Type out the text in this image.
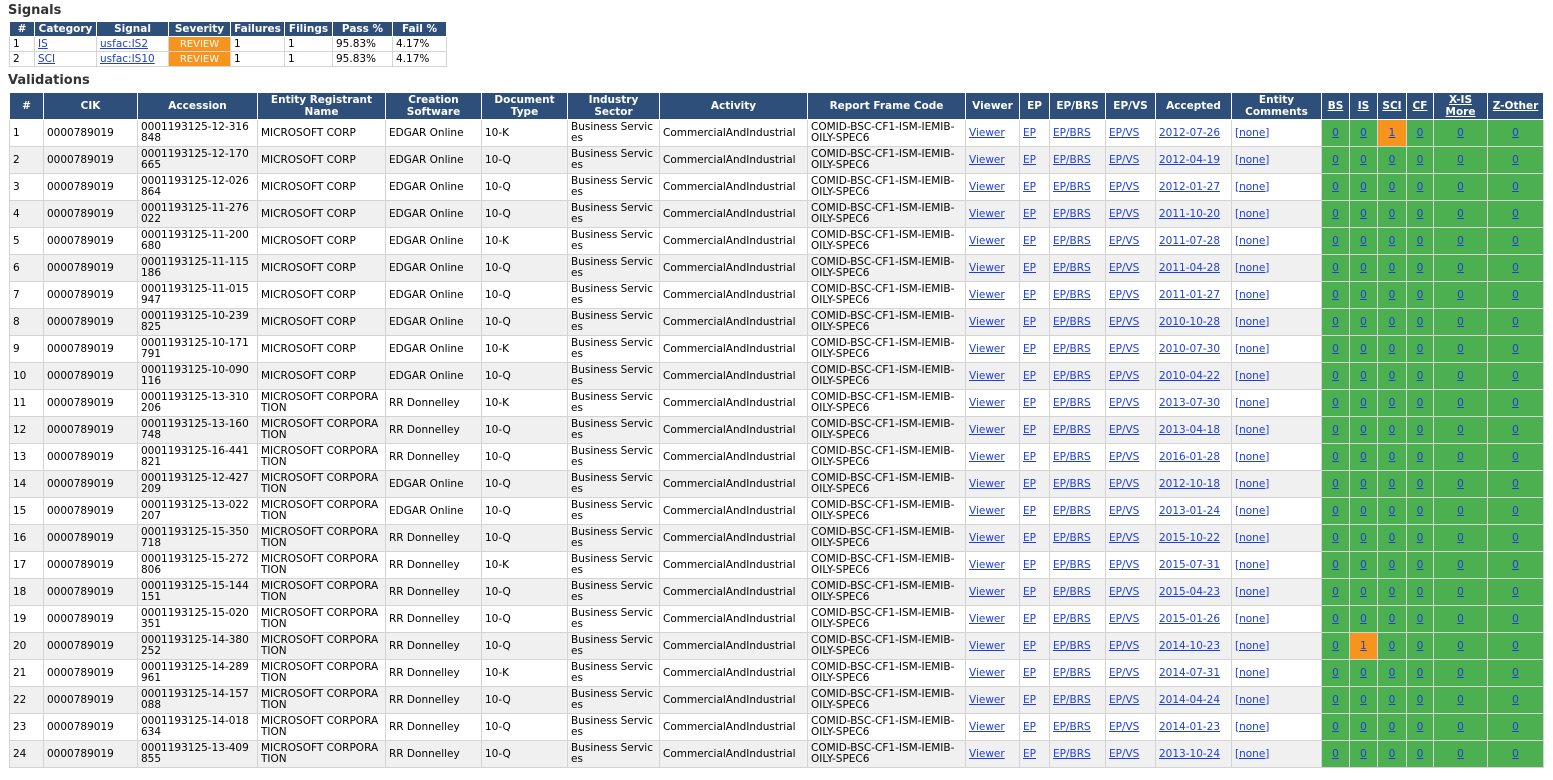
Signals
#	Category	Signal	Severity	Failures	Filings	Pass %	Fail %
1	IS	usfac:IS2	REVIEW	1	1	95.83%	4.17%
2	SCI	usfac:IS10	REVIEW	1	1	95.83%	4.17%
Validations
#	CIK	Accession	Entity Registrant Name	Creation Software	Document Type	Industry Sector	Activity	Report Frame Code	Viewer	EP	EP/BRS	EP/VS	Accepted	Entity Comments	BS	IS	SCI	CF	X-IS More	Z-Other
1	0000789019	0001193125-12-316848	MICROSOFT CORP	EDGAR Online	10-K	Business Services	CommercialAndIndustrial	COMID-BSC-CF1-ISM-IEMIB-OILY-SPEC6	Viewer	EP	EP/BRS	EP/VS	2012-07-26	[none]	0	0	1	0	0	0
2	0000789019	0001193125-12-170665	MICROSOFT CORP	EDGAR Online	10-Q	Business Services	CommercialAndIndustrial	COMID-BSC-CF1-ISM-IEMIB-OILY-SPEC6	Viewer	EP	EP/BRS	EP/VS	2012-04-19	[none]	0	0	0	0	0	0
3	0000789019	0001193125-12-026864	MICROSOFT CORP	EDGAR Online	10-Q	Business Services	CommercialAndIndustrial	COMID-BSC-CF1-ISM-IEMIB-OILY-SPEC6	Viewer	EP	EP/BRS	EP/VS	2012-01-27	[none]	0	0	0	0	0	0
4	0000789019	0001193125-11-276022	MICROSOFT CORP	EDGAR Online	10-Q	Business Services	CommercialAndIndustrial	COMID-BSC-CF1-ISM-IEMIB-OILY-SPEC6	Viewer	EP	EP/BRS	EP/VS	2011-10-20	[none]	0	0	0	0	0	0
5	0000789019	0001193125-11-200680	MICROSOFT CORP	EDGAR Online	10-K	Business Services	CommercialAndIndustrial	COMID-BSC-CF1-ISM-IEMIB-OILY-SPEC6	Viewer	EP	EP/BRS	EP/VS	2011-07-28	[none]	0	0	0	0	0	0
6	0000789019	0001193125-11-115186	MICROSOFT CORP	EDGAR Online	10-Q	Business Services	CommercialAndIndustrial	COMID-BSC-CF1-ISM-IEMIB-OILY-SPEC6	Viewer	EP	EP/BRS	EP/VS	2011-04-28	[none]	0	0	0	0	0	0
7	0000789019	0001193125-11-015947	MICROSOFT CORP	EDGAR Online	10-Q	Business Services	CommercialAndIndustrial	COMID-BSC-CF1-ISM-IEMIB-OILY-SPEC6	Viewer	EP	EP/BRS	EP/VS	2011-01-27	[none]	0	0	0	0	0	0
8	0000789019	0001193125-10-239825	MICROSOFT CORP	EDGAR Online	10-Q	Business Services	CommercialAndIndustrial	COMID-BSC-CF1-ISM-IEMIB-OILY-SPEC6	Viewer	EP	EP/BRS	EP/VS	2010-10-28	[none]	0	0	0	0	0	0
9	0000789019	0001193125-10-171791	MICROSOFT CORP	EDGAR Online	10-K	Business Services	CommercialAndIndustrial	COMID-BSC-CF1-ISM-IEMIB-OILY-SPEC6	Viewer	EP	EP/BRS	EP/VS	2010-07-30	[none]	0	0	0	0	0	0
10	0000789019	0001193125-10-090116	MICROSOFT CORP	EDGAR Online	10-Q	Business Services	CommercialAndIndustrial	COMID-BSC-CF1-ISM-IEMIB-OILY-SPEC6	Viewer	EP	EP/BRS	EP/VS	2010-04-22	[none]	0	0	0	0	0	0
11	0000789019	0001193125-13-310206	MICROSOFT CORPORATION	RR Donnelley	10-K	Business Services	CommercialAndIndustrial	COMID-BSC-CF1-ISM-IEMIB-OILY-SPEC6	Viewer	EP	EP/BRS	EP/VS	2013-07-30	[none]	0	0	0	0	0	0
12	0000789019	0001193125-13-160748	MICROSOFT CORPORATION	RR Donnelley	10-Q	Business Services	CommercialAndIndustrial	COMID-BSC-CF1-ISM-IEMIB-OILY-SPEC6	Viewer	EP	EP/BRS	EP/VS	2013-04-18	[none]	0	0	0	0	0	0
13	0000789019	0001193125-16-441821	MICROSOFT CORPORATION	RR Donnelley	10-Q	Business Services	CommercialAndIndustrial	COMID-BSC-CF1-ISM-IEMIB-OILY-SPEC6	Viewer	EP	EP/BRS	EP/VS	2016-01-28	[none]	0	0	0	0	0	0
14	0000789019	0001193125-12-427209	MICROSOFT CORPORATION	EDGAR Online	10-Q	Business Services	CommercialAndIndustrial	COMID-BSC-CF1-ISM-IEMIB-OILY-SPEC6	Viewer	EP	EP/BRS	EP/VS	2012-10-18	[none]	0	0	0	0	0	0
15	0000789019	0001193125-13-022207	MICROSOFT CORPORATION	EDGAR Online	10-Q	Business Services	CommercialAndIndustrial	COMID-BSC-CF1-ISM-IEMIB-OILY-SPEC6	Viewer	EP	EP/BRS	EP/VS	2013-01-24	[none]	0	0	0	0	0	0
16	0000789019	0001193125-15-350718	MICROSOFT CORPORATION	RR Donnelley	10-Q	Business Services	CommercialAndIndustrial	COMID-BSC-CF1-ISM-IEMIB-OILY-SPEC6	Viewer	EP	EP/BRS	EP/VS	2015-10-22	[none]	0	0	0	0	0	0
17	0000789019	0001193125-15-272806	MICROSOFT CORPORATION	RR Donnelley	10-K	Business Services	CommercialAndIndustrial	COMID-BSC-CF1-ISM-IEMIB-OILY-SPEC6	Viewer	EP	EP/BRS	EP/VS	2015-07-31	[none]	0	0	0	0	0	0
18	0000789019	0001193125-15-144151	MICROSOFT CORPORATION	RR Donnelley	10-Q	Business Services	CommercialAndIndustrial	COMID-BSC-CF1-ISM-IEMIB-OILY-SPEC6	Viewer	EP	EP/BRS	EP/VS	2015-04-23	[none]	0	0	0	0	0	0
19	0000789019	0001193125-15-020351	MICROSOFT CORPORATION	RR Donnelley	10-Q	Business Services	CommercialAndIndustrial	COMID-BSC-CF1-ISM-IEMIB-OILY-SPEC6	Viewer	EP	EP/BRS	EP/VS	2015-01-26	[none]	0	0	0	0	0	0
20	0000789019	0001193125-14-380252	MICROSOFT CORPORATION	RR Donnelley	10-Q	Business Services	CommercialAndIndustrial	COMID-BSC-CF1-ISM-IEMIB-OILY-SPEC6	Viewer	EP	EP/BRS	EP/VS	2014-10-23	[none]	0	1	0	0	0	0
21	0000789019	0001193125-14-289961	MICROSOFT CORPORATION	RR Donnelley	10-K	Business Services	CommercialAndIndustrial	COMID-BSC-CF1-ISM-IEMIB-OILY-SPEC6	Viewer	EP	EP/BRS	EP/VS	2014-07-31	[none]	0	0	0	0	0	0
22	0000789019	0001193125-14-157088	MICROSOFT CORPORATION	RR Donnelley	10-Q	Business Services	CommercialAndIndustrial	COMID-BSC-CF1-ISM-IEMIB-OILY-SPEC6	Viewer	EP	EP/BRS	EP/VS	2014-04-24	[none]	0	0	0	0	0	0
23	0000789019	0001193125-14-018634	MICROSOFT CORPORATION	RR Donnelley	10-Q	Business Services	CommercialAndIndustrial	COMID-BSC-CF1-ISM-IEMIB-OILY-SPEC6	Viewer	EP	EP/BRS	EP/VS	2014-01-23	[none]	0	0	0	0	0	0
24	0000789019	0001193125-13-409855	MICROSOFT CORPORATION	RR Donnelley	10-Q	Business Services	CommercialAndIndustrial	COMID-BSC-CF1-ISM-IEMIB-OILY-SPEC6	Viewer	EP	EP/BRS	EP/VS	2013-10-24	[none]	0	0	0	0	0	0
